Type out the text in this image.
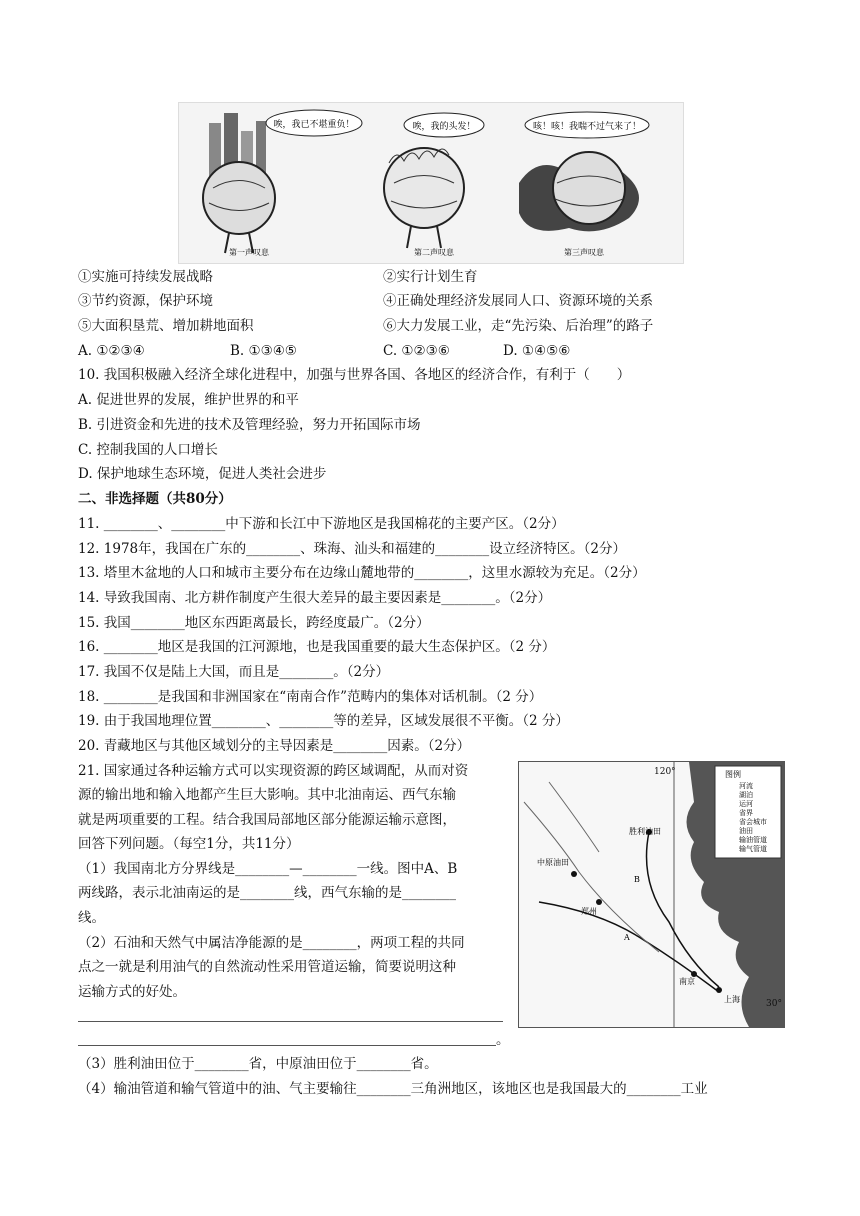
唉，我已不堪重负！
第一声叹息
唉，我的头发！
第二声叹息
咳！咳！我喘不过气来了！
第三声叹息
①实施可持续发展战略	②实行计划生育
③节约资源，保护环境	④正确处理经济发展同人口、资源环境的关系
⑤大面积垦荒、增加耕地面积	⑥大力发展工业，走“先污染、后治理”的路子
A. ①②③④	B. ①③④⑤	C. ①②③⑥	D. ①④⑤⑥
10. 我国积极融入经济全球化进程中，加强与世界各国、各地区的经济合作，有利于（　　）
A. 促进世界的发展，维护世界的和平
B. 引进资金和先进的技术及管理经验，努力开拓国际市场
C. 控制我国的人口增长
D. 保护地球生态环境，促进人类社会进步
二、非选择题（共80分）
11. ________、________中下游和长江中下游地区是我国棉花的主要产区。（2分）
12. 1978年，我国在广东的________、珠海、汕头和福建的________设立经济特区。（2分）
13. 塔里木盆地的人口和城市主要分布在边缘山麓地带的________，这里水源较为充足。（2分）
14. 导致我国南、北方耕作制度产生很大差异的最主要因素是________。（2分）
15. 我国________地区东西距离最长，跨经度最广。（2分）
16. ________地区是我国的江河源地，也是我国重要的最大生态保护区。（2 分）
17. 我国不仅是陆上大国，而且是________。（2分）
18. ________是我国和非洲国家在“南南合作”范畴内的集体对话机制。（2 分）
19. 由于我国地理位置________、________等的差异，区域发展很不平衡。（2 分）
20. 青藏地区与其他区域划分的主导因素是________因素。（2分）
21. 国家通过各种运输方式可以实现资源的跨区域调配，从而对资
源的输出地和输入地都产生巨大影响。其中北油南运、西气东输
就是两项重要的工程。结合我国局部地区部分能源运输示意图，
回答下列问题。（每空1分，共11分）
（1）我国南北方分界线是________—________一线。图中A、B
两线路，表示北油南运的是________线，西气东输的是________
线。
（2）石油和天然气中属洁净能源的是________，两项工程的共同
点之一就是利用油气的自然流动性采用管道运输，简要说明这种
运输方式的好处。
。
（3）胜利油田位于________省，中原油田位于________省。
（4）输油管道和输气管道中的油、气主要输往________三角洲地区，该地区也是我国最大的________工业
120°
30°
图例
河流
湖泊
运河
省界
省会城市
油田
输油管道
输气管道
胜利油田
中原油田
郑州
南京
上海
A
B
